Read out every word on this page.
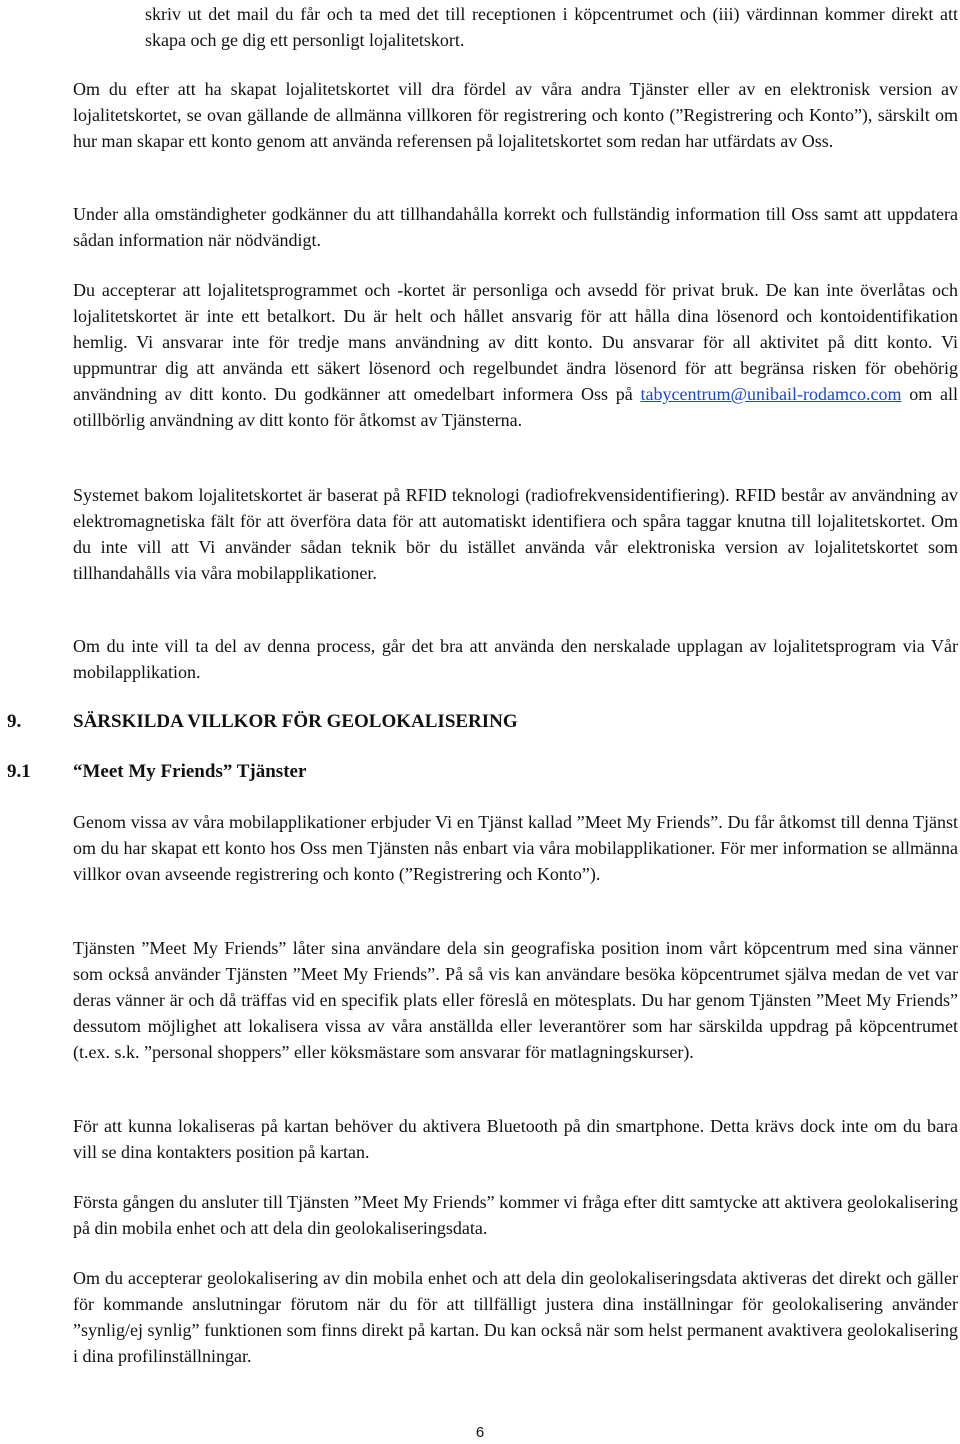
skriv ut det mail du får och ta med det till receptionen i köpcentrumet och (iii) värdinnan kommer direkt att skapa och ge dig ett personligt lojalitetskort.

Om du efter att ha skapat lojalitetskortet vill dra fördel av våra andra Tjänster eller av en elektronisk version av lojalitetskortet, se ovan gällande de allmänna villkoren för registrering och konto (”Registrering och Konto”), särskilt om hur man skapar ett konto genom att använda referensen på lojalitetskortet som redan har utfärdats av Oss.

Under alla omständigheter godkänner du att tillhandahålla korrekt och fullständig information till Oss samt att uppdatera sådan information när nödvändigt.

Du accepterar att lojalitetsprogrammet och -kortet är personliga och avsedd för privat bruk. De kan inte överlåtas och lojalitetskortet är inte ett betalkort. Du är helt och hållet ansvarig för att hålla dina lösenord och kontoidentifikation hemlig. Vi ansvarar inte för tredje mans användning av ditt konto. Du ansvarar för all aktivitet på ditt konto. Vi uppmuntrar dig att använda ett säkert lösenord och regelbundet ändra lösenord för att begränsa risken för obehörig användning av ditt konto. Du godkänner att omedelbart informera Oss på tabycentrum@unibail-rodamco.com om all otillbörlig användning av ditt konto för åtkomst av Tjänsterna.

Systemet bakom lojalitetskortet är baserat på RFID teknologi (radiofrekvensidentifiering). RFID består av användning av elektromagnetiska fält för att överföra data för att automatiskt identifiera och spåra taggar knutna till lojalitetskortet. Om du inte vill att Vi använder sådan teknik bör du istället använda vår elektroniska version av lojalitetskortet som tillhandahålls via våra mobilapplikationer.

Om du inte vill ta del av denna process, går det bra att använda den nerskalade upplagan av lojalitetsprogram via Vår mobilapplikation.

9.	SÄRSKILDA VILLKOR FÖR GEOLOKALISERING
9.1 “Meet My Friends” Tjänster

Genom vissa av våra mobilapplikationer erbjuder Vi en Tjänst kallad ”Meet My Friends”. Du får åtkomst till denna Tjänst om du har skapat ett konto hos Oss men Tjänsten nås enbart via våra mobilapplikationer. För mer information se allmänna villkor ovan avseende registrering och konto (”Registrering och Konto”).

Tjänsten ”Meet My Friends” låter sina användare dela sin geografiska position inom vårt köpcentrum med sina vänner som också använder Tjänsten ”Meet My Friends”. På så vis kan användare besöka köpcentrumet själva medan de vet var deras vänner är och då träffas vid en specifik plats eller föreslå en mötesplats. Du har genom Tjänsten ”Meet My Friends” dessutom möjlighet att lokalisera vissa av våra anställda eller leverantörer som har särskilda uppdrag på köpcentrumet (t.ex. s.k. ”personal shoppers” eller köksmästare som ansvarar för matlagningskurser).

För att kunna lokaliseras på kartan behöver du aktivera Bluetooth på din smartphone. Detta krävs dock inte om du bara vill se dina kontakters position på kartan.

Första gången du ansluter till Tjänsten ”Meet My Friends” kommer vi fråga efter ditt samtycke att aktivera geolokalisering på din mobila enhet och att dela din geolokaliseringsdata.

Om du accepterar geolokalisering av din mobila enhet och att dela din geolokaliseringsdata aktiveras det direkt och gäller för kommande anslutningar förutom när du för att tillfälligt justera dina inställningar för geolokalisering använder ”synlig/ej synlig” funktionen som finns direkt på kartan. Du kan också när som helst permanent avaktivera geolokalisering i dina profilinställningar.

6
